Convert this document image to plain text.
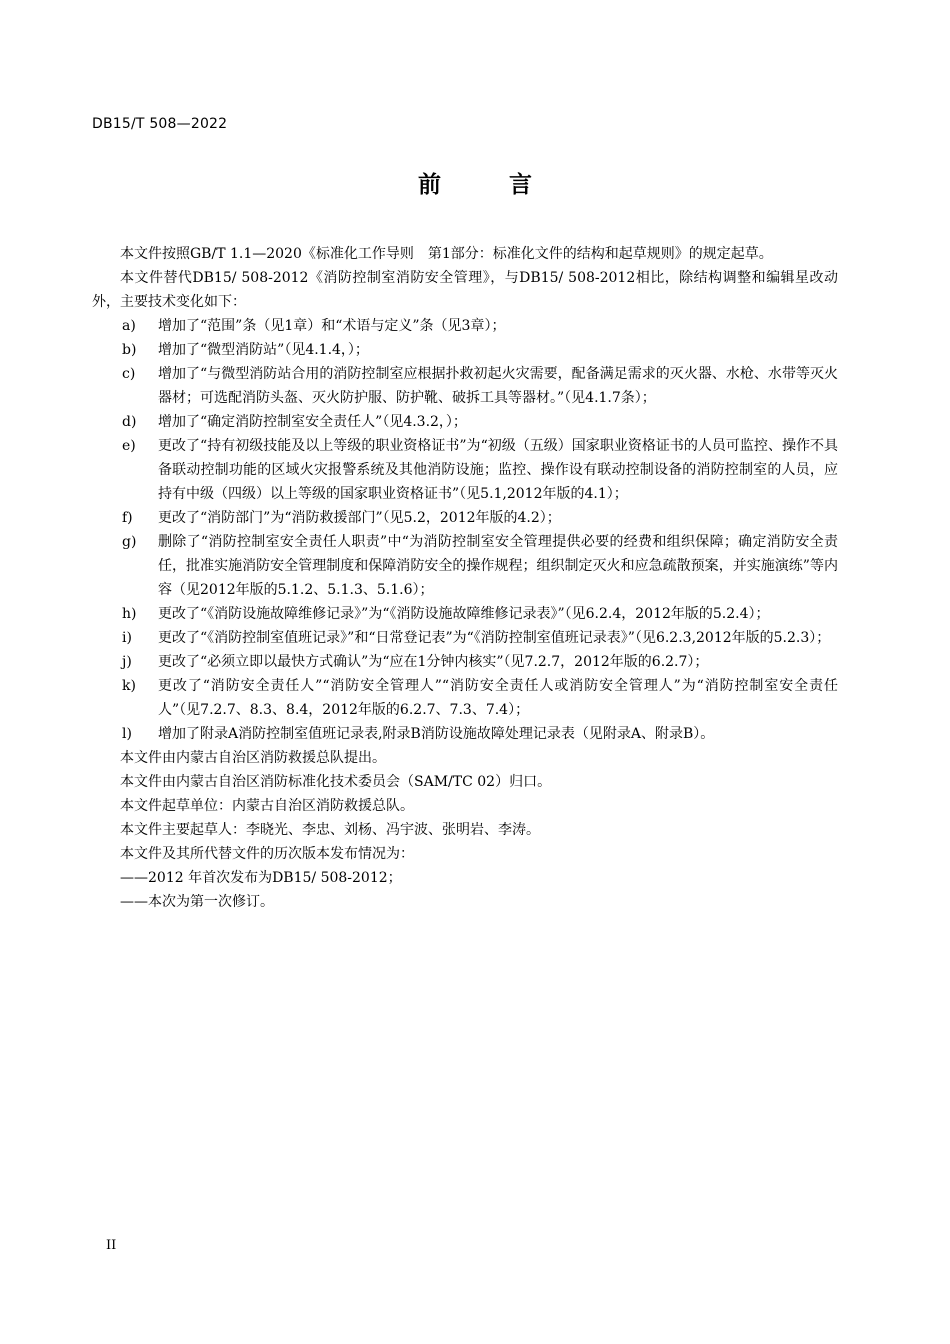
DB15/T 508—2022
前 言

本文件按照GB/T 1.1—2020《标准化工作导则　第1部分：标准化文件的结构和起草规则》的规定起草。

本文件替代DB15/ 508-2012《消防控制室消防安全管理》，与DB15/ 508-2012相比，除结构调整和编辑星改动外，主要技术变化如下：

a) 增加了“范围”条（见1章）和“术语与定义”条（见3章）；
b) 增加了“微型消防站”（见4.1.4，）；
c) 增加了“与微型消防站合用的消防控制室应根据扑救初起火灾需要，配备满足需求的灭火器、水枪、水带等灭火器材；可选配消防头盔、灭火防护服、防护靴、破拆工具等器材。”（见4.1.7条）；
d) 增加了“确定消防控制室安全责任人”（见4.3.2，）；
e) 更改了“持有初级技能及以上等级的职业资格证书”为“初级（五级）国家职业资格证书的人员可监控、操作不具备联动控制功能的区域火灾报警系统及其他消防设施；监控、操作设有联动控制设备的消防控制室的人员，应持有中级（四级）以上等级的国家职业资格证书”（见5.1,2012年版的4.1）；
f) 更改了“消防部门”为“消防救援部门”（见5.2，2012年版的4.2）；
g) 删除了“消防控制室安全责任人职责”中“为消防控制室安全管理提供必要的经费和组织保障；确定消防安全责任，批准实施消防安全管理制度和保障消防安全的操作规程；组织制定灭火和应急疏散预案，并实施演练”等内容（见2012年版的5.1.2、5.1.3、5.1.6）；
h) 更改了“《消防设施故障维修记录》”为“《消防设施故障维修记录表》”（见6.2.4，2012年版的5.2.4）；
i) 更改了“《消防控制室值班记录》”和“日常登记表”为“《消防控制室值班记录表》”（见6.2.3,2012年版的5.2.3）；
j) 更改了“必须立即以最快方式确认”为“应在1分钟内核实”（见7.2.7，2012年版的6.2.7）；
k) 更改了“消防安全责任人”“消防安全管理人”“消防安全责任人或消防安全管理人”为“消防控制室安全责任人”（见7.2.7、8.3、8.4，2012年版的6.2.7、7.3、7.4）；
l) 增加了附录A消防控制室值班记录表,附录B消防设施故障处理记录表（见附录A、附录B）。

本文件由内蒙古自治区消防救援总队提出。

本文件由内蒙古自治区消防标准化技术委员会（SAM/TC 02）归口。

本文件起草单位：内蒙古自治区消防救援总队。

本文件主要起草人：李晓光、李忠、刘杨、冯宇波、张明岩、李涛。

本文件及其所代替文件的历次版本发布情况为：

——2012 年首次发布为DB15/ 508-2012；

——本次为第一次修订。

II
